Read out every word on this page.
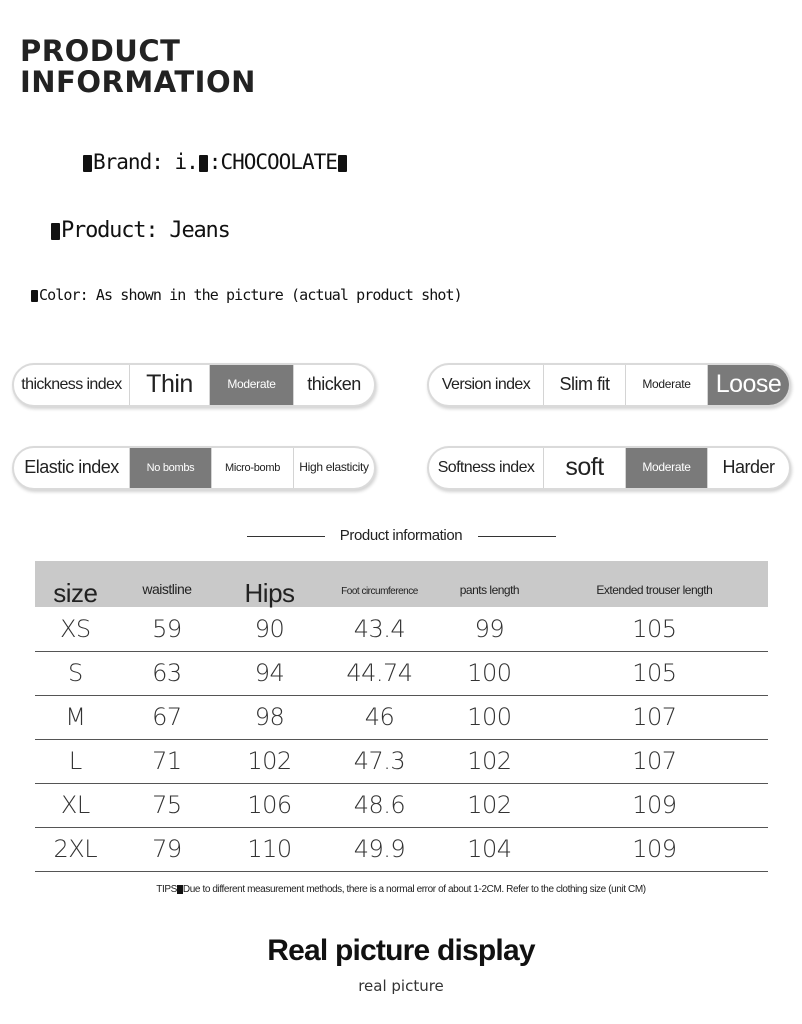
PRODUCT
INFORMATION

Brand: i. :CHOCOOLATE

Product: Jeans

Color: As shown in the picture (actual product shot)

thickness index Thin	Moderate	thicken	Version index	Slim fit	Moderate	Loose
Elastic index	No bombs	Micro-bomb	High elasticity	Softness index	soft	Moderate	Harder

Product information

size	waistline	Hips	Foot circumference	pants length	Extended trouser length
XS	59	90	43.4	99	105
S	63	94	44.74	100	105
M	67	98	46	100	107
L	71	102	47.3	102	107
XL	75	106	48.6	102	109
2XL	79	110	49.9	104	109

TIPS Due to different measurement methods, there is a normal error of about 1-2CM. Refer to the clothing size (unit CM)

Real picture display

real picture
